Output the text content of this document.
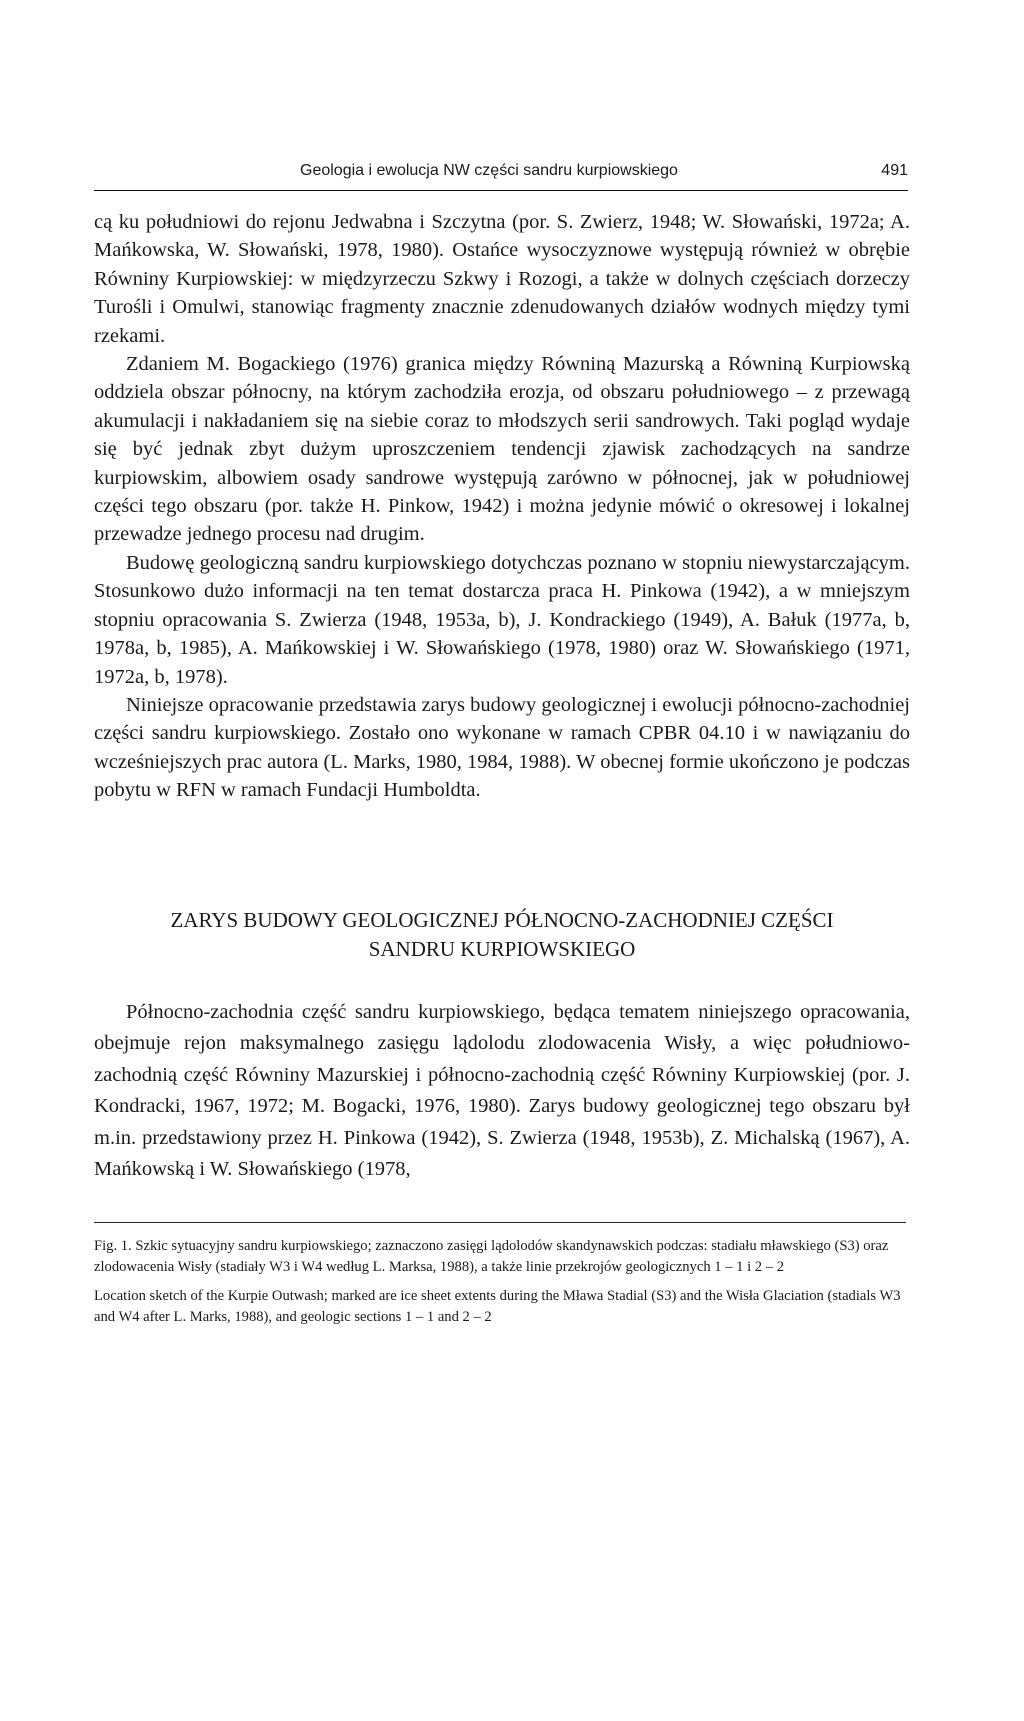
Geologia i ewolucja NW części sandru kurpiowskiego	491

cą ku południowi do rejonu Jedwabna i Szczytna (por. S. Zwierz, 1948; W. Słowański, 1972a; A. Mańkowska, W. Słowański, 1978, 1980). Ostańce wysoczyznowe występują również w obrębie Równiny Kurpiowskiej: w międzyrzeczu Szkwy i Rozogi, a także w dolnych częściach dorzeczy Turośli i Omulwi, stanowiąc fragmenty znacznie zdenudowanych działów wodnych między tymi rzekami.

Zdaniem M. Bogackiego (1976) granica między Równiną Mazurską a Równiną Kurpiowską oddziela obszar północny, na którym zachodziła erozja, od obszaru południowego – z przewagą akumulacji i nakładaniem się na siebie coraz to młodszych serii sandrowych. Taki pogląd wydaje się być jednak zbyt dużym uproszczeniem tendencji zjawisk zachodzących na sandrze kurpiowskim, albowiem osady sandrowe występują zarówno w północnej, jak w południowej części tego obszaru (por. także H. Pinkow, 1942) i można jedynie mówić o okresowej i lokalnej przewadze jednego procesu nad drugim.

Budowę geologiczną sandru kurpiowskiego dotychczas poznano w stopniu niewystarczającym. Stosunkowo dużo informacji na ten temat dostarcza praca H. Pinkowa (1942), a w mniejszym stopniu opracowania S. Zwierza (1948, 1953a, b), J. Kondrackiego (1949), A. Bałuk (1977a, b, 1978a, b, 1985), A. Mańkowskiej i W. Słowańskiego (1978, 1980) oraz W. Słowańskiego (1971, 1972a, b, 1978).

Niniejsze opracowanie przedstawia zarys budowy geologicznej i ewolucji północno-zachodniej części sandru kurpiowskiego. Zostało ono wykonane w ramach CPBR 04.10 i w nawiązaniu do wcześniejszych prac autora (L. Marks, 1980, 1984, 1988). W obecnej formie ukończono je podczas pobytu w RFN w ramach Fundacji Humboldta.

ZARYS BUDOWY GEOLOGICZNEJ PÓŁNOCNO-ZACHODNIEJ CZĘŚCI
SANDRU KURPIOWSKIEGO

Północno-zachodnia część sandru kurpiowskiego, będąca tematem niniejszego opracowania, obejmuje rejon maksymalnego zasięgu lądolodu zlodowacenia Wisły, a więc południowo-zachodnią część Równiny Mazurskiej i północno-zachodnią część Równiny Kurpiowskiej (por. J. Kondracki, 1967, 1972; M. Bogacki, 1976, 1980). Zarys budowy geologicznej tego obszaru był m.in. przedstawiony przez H. Pinkowa (1942), S. Zwierza (1948, 1953b), Z. Michalską (1967), A. Mańkowską i W. Słowańskiego (1978,

Fig. 1. Szkic sytuacyjny sandru kurpiowskiego; zaznaczono zasięgi lądolodów skandynawskich podczas: stadiału mławskiego (S3) oraz zlodowacenia Wisły (stadiały W3 i W4 według L. Marksa, 1988), a także linie przekrojów geologicznych 1 – 1 i 2 – 2

Location sketch of the Kurpie Outwash; marked are ice sheet extents during the Mława Stadial (S3) and the Wisła Glaciation (stadials W3 and W4 after L. Marks, 1988), and geologic sections 1 – 1 and 2 – 2
